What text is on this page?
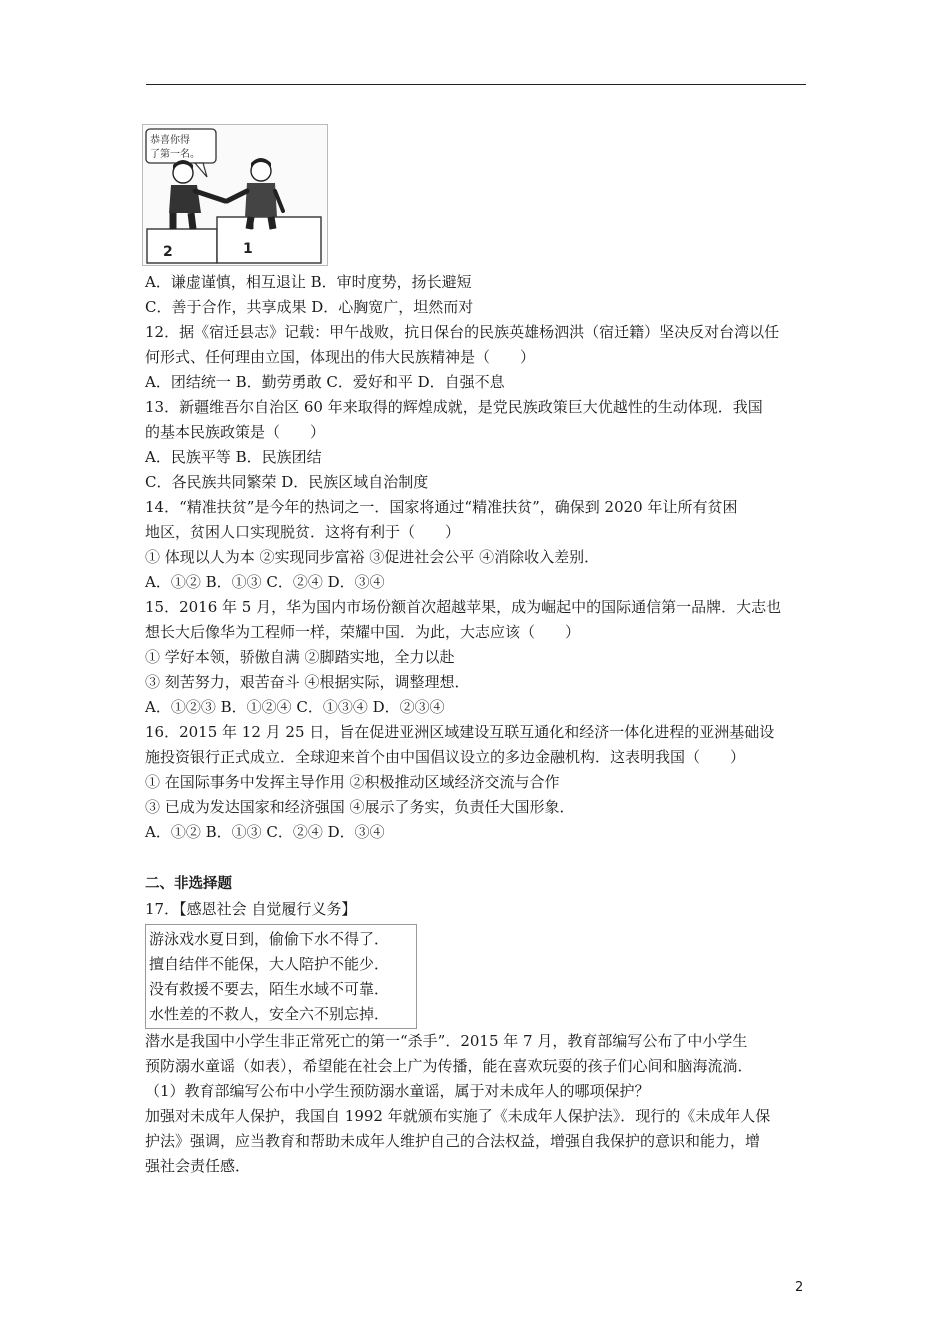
恭喜你得
了第一名。
2	1
A．谦虚谨慎，相互退让 B．审时度势，扬长避短
C．善于合作，共享成果 D．心胸宽广，坦然而对
12．据《宿迁县志》记载：甲午战败，抗日保台的民族英雄杨泗洪（宿迁籍）坚决反对台湾以任
何形式、任何理由立国，体现出的伟大民族精神是（　　）
A．团结统一 B．勤劳勇敢 C．爱好和平 D．自强不息
13．新疆维吾尔自治区 60 年来取得的辉煌成就，是党民族政策巨大优越性的生动体现．我国
的基本民族政策是（　　）
A．民族平等 B．民族团结
C．各民族共同繁荣 D．民族区域自治制度
14．“精准扶贫”是今年的热词之一．国家将通过“精准扶贫”，确保到 2020 年让所有贫困
地区，贫困人口实现脱贫．这将有利于（　　）
① 体现以人为本 ②实现同步富裕 ③促进社会公平 ④消除收入差别．
A．①② B．①③ C．②④ D．③④
15．2016 年 5 月，华为国内市场份额首次超越苹果，成为崛起中的国际通信第一品牌．大志也
想长大后像华为工程师一样，荣耀中国．为此，大志应该（　　）
① 学好本领，骄傲自满 ②脚踏实地，全力以赴
③ 刻苦努力，艰苦奋斗 ④根据实际，调整理想．
A．①②③ B．①②④ C．①③④ D．②③④
16．2015 年 12 月 25 日，旨在促进亚洲区域建设互联互通化和经济一体化进程的亚洲基础设
施投资银行正式成立．全球迎来首个由中国倡议设立的多边金融机构．这表明我国（　　）
① 在国际事务中发挥主导作用 ②积极推动区域经济交流与合作
③ 已成为发达国家和经济强国 ④展示了务实，负责任大国形象．
A．①② B．①③ C．②④ D．③④
二、非选择题
17．【感恩社会 自觉履行义务】
游泳戏水夏日到，偷偷下水不得了．
擅自结伴不能保，大人陪护不能少．
没有救援不要去，陌生水域不可靠．
水性差的不救人，安全六不别忘掉．
潜水是我国中小学生非正常死亡的第一“杀手”．2015 年 7 月，教育部编写公布了中小学生
预防溺水童谣（如表），希望能在社会上广为传播，能在喜欢玩耍的孩子们心间和脑海流淌．
（1）教育部编写公布中小学生预防溺水童谣，属于对未成年人的哪项保护？
加强对未成年人保护，我国自 1992 年就颁布实施了《未成年人保护法》．现行的《未成年人保
护法》强调，应当教育和帮助未成年人维护自己的合法权益，增强自我保护的意识和能力，增
强社会责任感．
2
